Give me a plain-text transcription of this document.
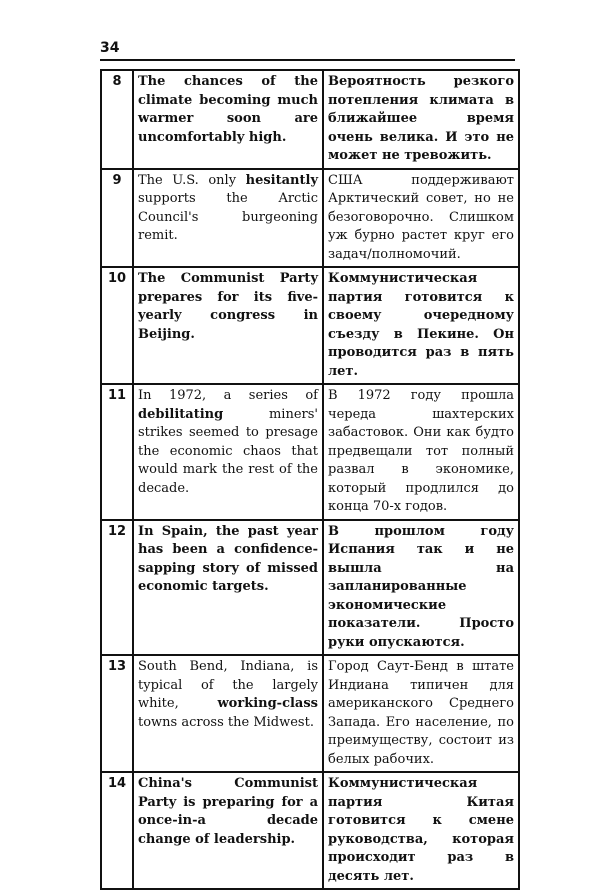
34
8	The chances of the climate becoming much warmer soon are uncomfortably high.	Вероятность резкого потепления климата в ближайшее время очень велика. И это не может не тревожить.
9	The U.S. only hesitantly supports the Arctic Council's burgeoning remit.	США поддерживают Арктический совет, но не безоговорочно. Слишком уж бурно растет круг его задач/полномочий.
10	The Communist Party prepares for its five-yearly congress in Beijing.	Коммунистическая партия готовится к своему очередному съезду в Пекине. Он проводится раз в пять лет.
11	In 1972, a series of debilitating miners' strikes seemed to presage the economic chaos that would mark the rest of the decade.	В 1972 году прошла череда шахтерских забастовок. Они как будто предвещали тот полный развал в экономике, который продлился до конца 70-х годов.
12	In Spain, the past year has been a confidence-sapping story of missed economic targets.	В прошлом году Испания так и не вышла на запланированные экономические показатели. Просто руки опускаются.
13	South Bend, Indiana, is typical of the largely white, working-class towns across the Midwest.	Город Саут-Бенд в штате Индиана типичен для американского Среднего Запада. Его население, по преимуществу, состоит из белых рабочих.
14	China's Communist Party is preparing for a once-in-a decade change of leadership.	Коммунистическая партия Китая готовится к смене руководства, которая происходит раз в десять лет.
